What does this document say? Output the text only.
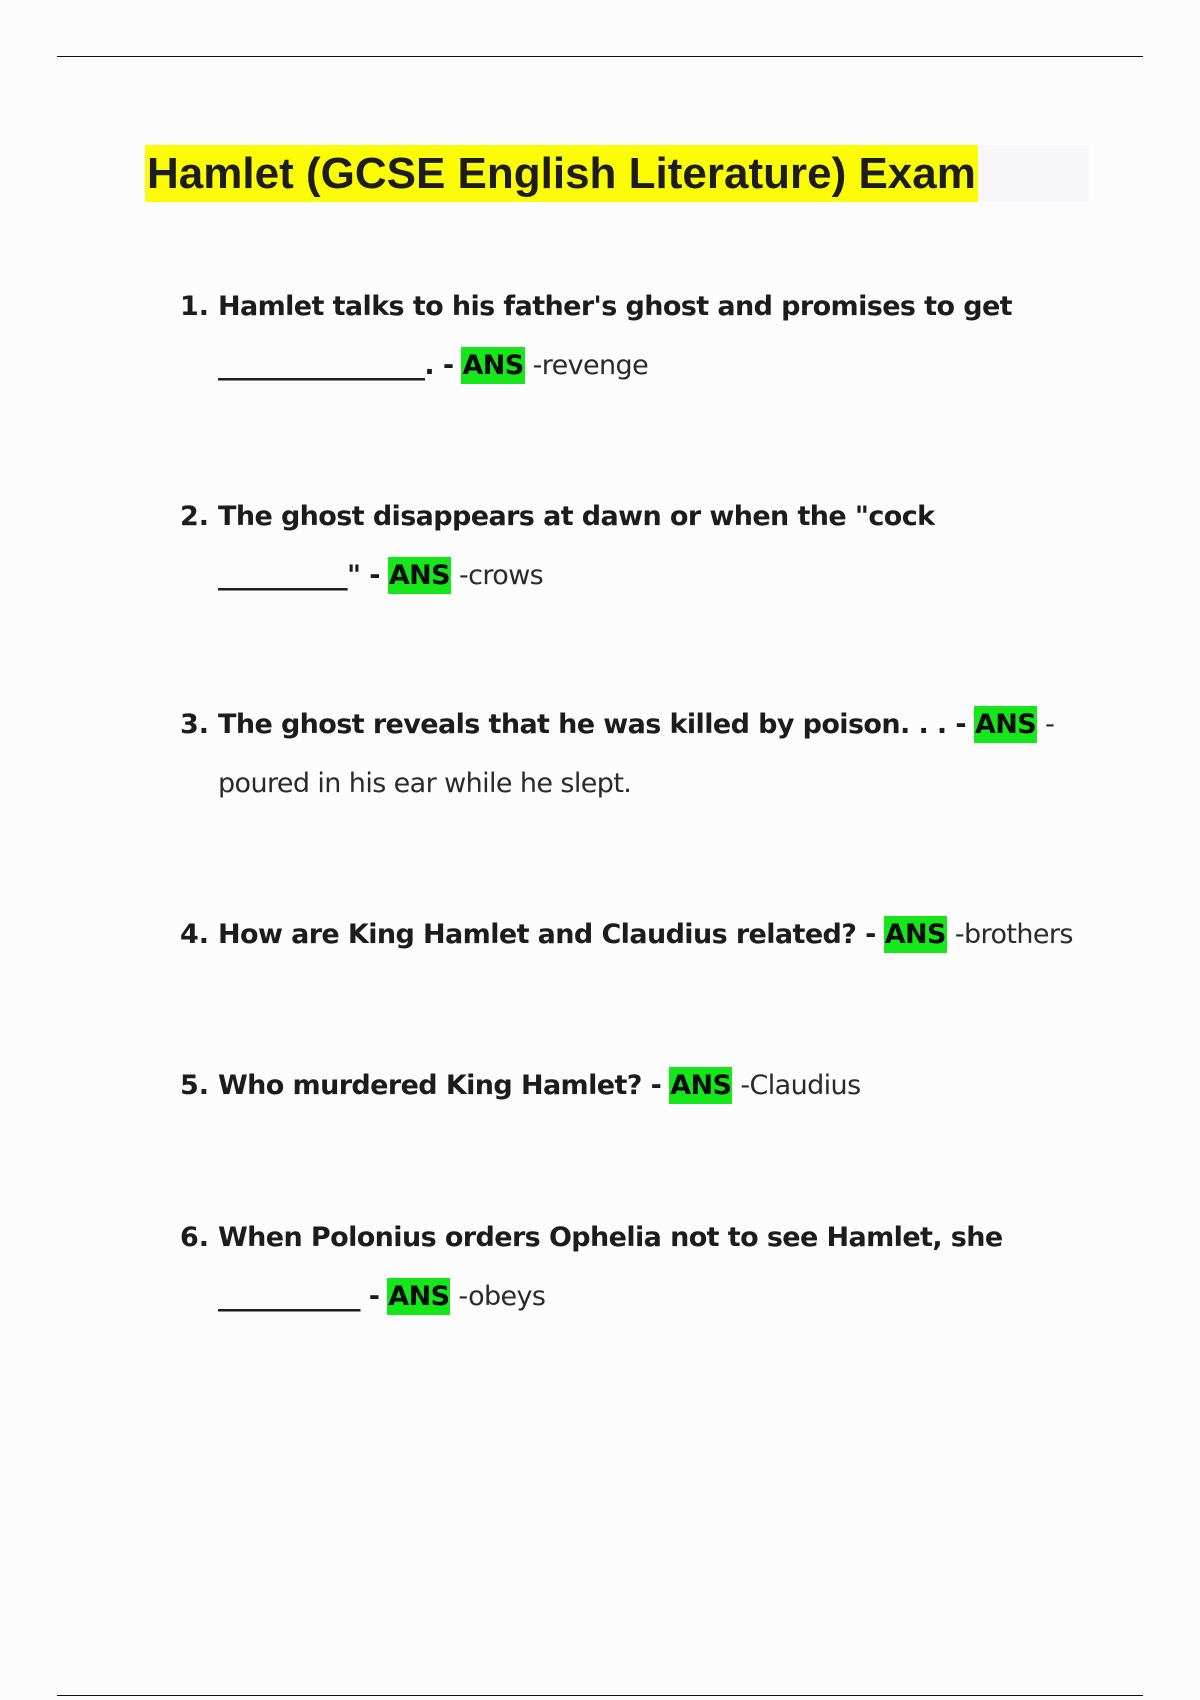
Hamlet (GCSE English Literature) Exam
1. Hamlet talks to his father's ghost and promises to get ________________. - ANS -revenge
2. The ghost disappears at dawn or when the "cock __________" - ANS -crows
3. The ghost reveals that he was killed by poison. . . - ANS -poured in his ear while he slept.
4. How are King Hamlet and Claudius related? - ANS -brothers
5. Who murdered King Hamlet? - ANS -Claudius
6. When Polonius orders Ophelia not to see Hamlet, she ___________ - ANS -obeys
